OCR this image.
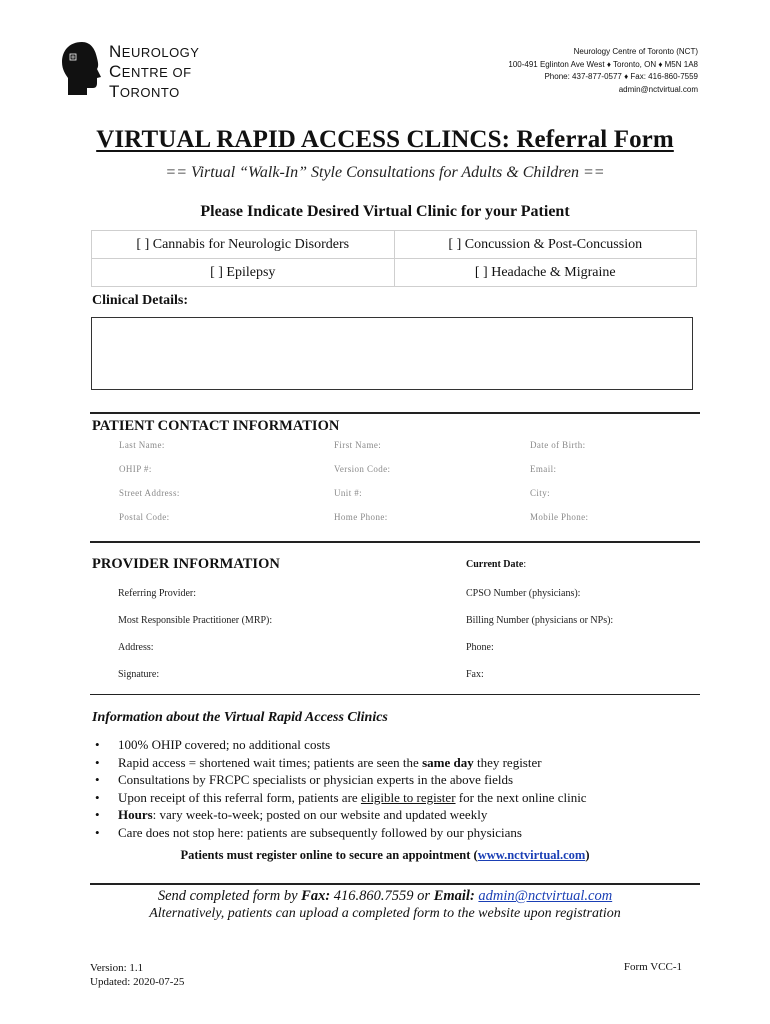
NEUROLOGY
CENTRE OF
TORONTO
Neurology Centre of Toronto (NCT)
100-491 Eglinton Ave West ♦ Toronto, ON ♦ M5N 1A8
Phone: 437-877-0577 ♦ Fax: 416-860-7559
admin@nctvirtual.com
VIRTUAL RAPID ACCESS CLINCS: Referral Form
== Virtual “Walk-In” Style Consultations for Adults & Children ==
Please Indicate Desired Virtual Clinic for your Patient
[ ] Cannabis for Neurologic Disorders	[ ] Concussion & Post-Concussion
[ ] Epilepsy	[ ] Headache & Migraine
Clinical Details:
PATIENT CONTACT INFORMATION
Last Name:	First Name:	Date of Birth:
OHIP #:	Version Code:	Email:
Street Address:	Unit #:	City:
Postal Code:	Home Phone:	Mobile Phone:
PROVIDER INFORMATION	Current Date:
Referring Provider:	CPSO Number (physicians):
Most Responsible Practitioner (MRP):	Billing Number (physicians or NPs):
Address:	Phone:
Signature:	Fax:
Information about the Virtual Rapid Access Clinics
• 100% OHIP covered; no additional costs
• Rapid access = shortened wait times; patients are seen the same day they register
• Consultations by FRCPC specialists or physician experts in the above fields
• Upon receipt of this referral form, patients are eligible to register for the next online clinic
• Hours: vary week-to-week; posted on our website and updated weekly
• Care does not stop here: patients are subsequently followed by our physicians
Patients must register online to secure an appointment (www.nctvirtual.com)
Send completed form by Fax: 416.860.7559 or Email: admin@nctvirtual.com
Alternatively, patients can upload a completed form to the website upon registration
Version: 1.1
Updated: 2020-07-25
Form VCC-1
